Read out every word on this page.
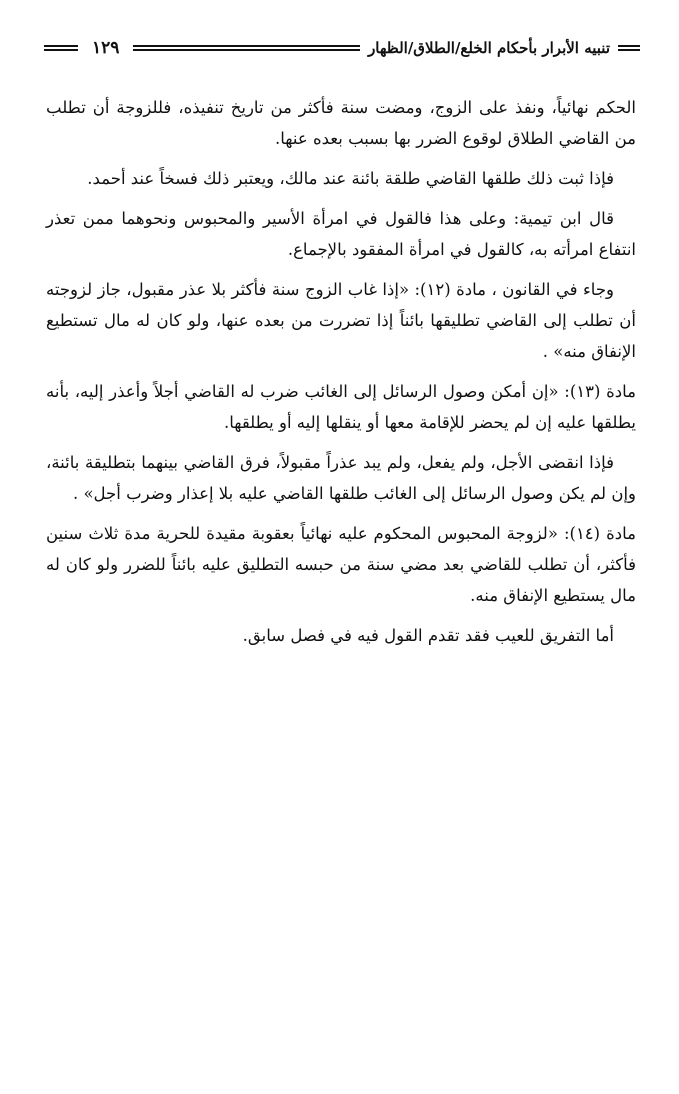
تنبيه الأبرار بأحكام الخلع/الطلاق/الظهار
١٢٩

الحكم نهائياً، ونفذ على الزوج، ومضت سنة فأكثر من تاريخ تنفيذه، فللزوجة أن تطلب من القاضي الطلاق لوقوع الضرر بها بسبب بعده عنها.

فإذا ثبت ذلك طلقها القاضي طلقة بائنة عند مالك، ويعتبر ذلك فسخاً عند أحمد.

قال ابن تيمية: وعلى هذا فالقول في امرأة الأسير والمحبوس ونحوهما ممن تعذر انتفاع امرأته به، كالقول في امرأة المفقود بالإجماع.

وجاء في القانون ، مادة (١٢): «إذا غاب الزوج سنة فأكثر بلا عذر مقبول، جاز لزوجته أن تطلب إلى القاضي تطليقها بائناً إذا تضررت من بعده عنها، ولو كان له مال تستطيع الإنفاق منه» .

مادة (١٣): «إن أمكن وصول الرسائل إلى الغائب ضرب له القاضي أجلاً وأعذر إليه، بأنه يطلقها عليه إن لم يحضر للإقامة معها أو ينقلها إليه أو يطلقها.

فإذا انقضى الأجل، ولم يفعل، ولم يبد عذراً مقبولاً، فرق القاضي بينهما بتطليقة بائنة، وإن لم يكن وصول الرسائل إلى الغائب طلقها القاضي عليه بلا إعذار وضرب أجل» .

مادة (١٤): «لزوجة المحبوس المحكوم عليه نهائياً بعقوبة مقيدة للحرية مدة ثلاث سنين فأكثر، أن تطلب للقاضي بعد مضي سنة من حبسه التطليق عليه بائناً للضرر ولو كان له مال يستطيع الإنفاق منه.

أما التفريق للعيب فقد تقدم القول فيه في فصل سابق.
